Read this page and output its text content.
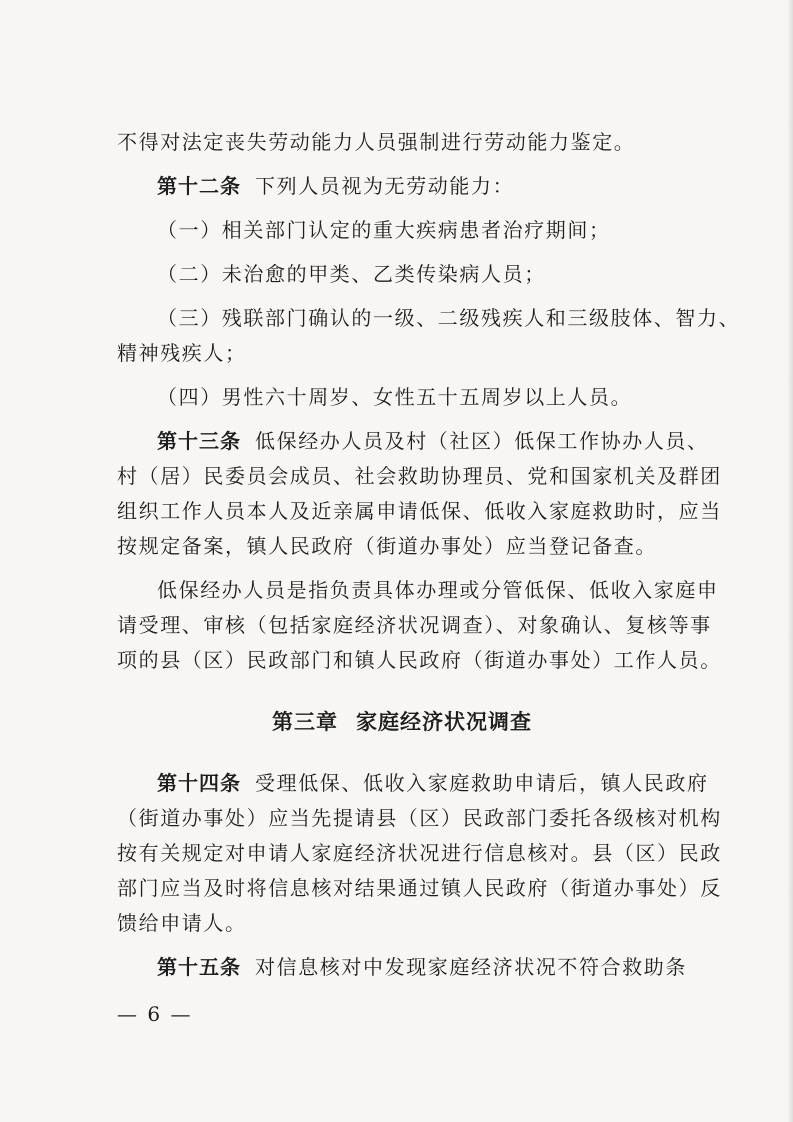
不得对法定丧失劳动能力人员强制进行劳动能力鉴定。
第十二条 下列人员视为无劳动能力：
（一）相关部门认定的重大疾病患者治疗期间；
（二）未治愈的甲类、乙类传染病人员；
（三）残联部门确认的一级、二级残疾人和三级肢体、智力、
精神残疾人；
（四）男性六十周岁、女性五十五周岁以上人员。
第十三条 低保经办人员及村（社区）低保工作协办人员、
村（居）民委员会成员、社会救助协理员、党和国家机关及群团
组织工作人员本人及近亲属申请低保、低收入家庭救助时，应当
按规定备案，镇人民政府（街道办事处）应当登记备查。
低保经办人员是指负责具体办理或分管低保、低收入家庭申
请受理、审核（包括家庭经济状况调查）、对象确认、复核等事
项的县（区）民政部门和镇人民政府（街道办事处）工作人员。
第三章 家庭经济状况调查
第十四条 受理低保、低收入家庭救助申请后，镇人民政府
（街道办事处）应当先提请县（区）民政部门委托各级核对机构
按有关规定对申请人家庭经济状况进行信息核对。县（区）民政
部门应当及时将信息核对结果通过镇人民政府（街道办事处）反
馈给申请人。
第十五条 对信息核对中发现家庭经济状况不符合救助条
— 6 —
